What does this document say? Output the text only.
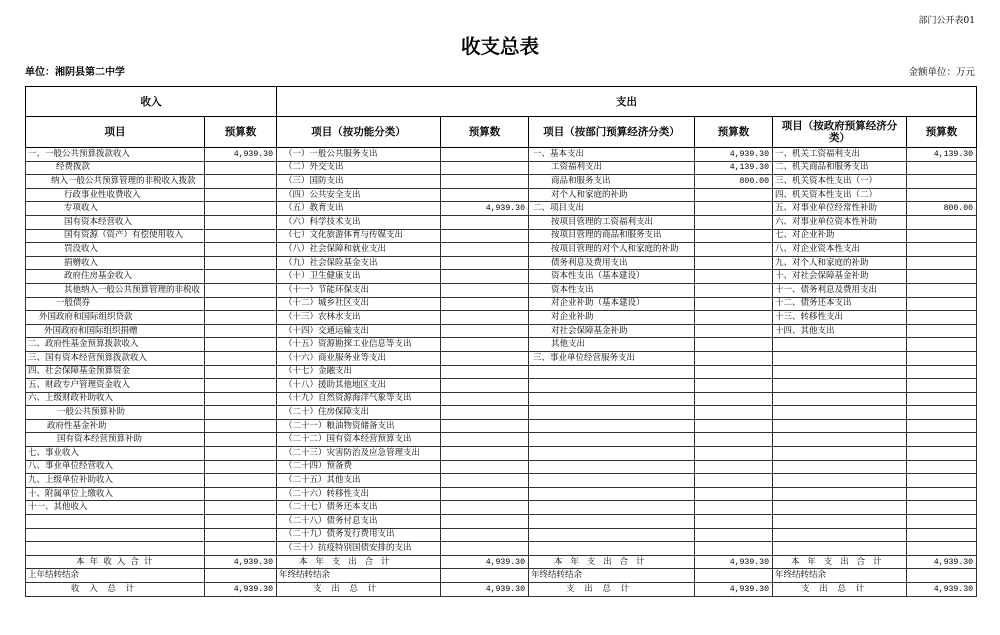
部门公开表01
收支总表
单位：湘阴县第二中学	金额单位：万元
收入		支出					
项目	预算数	项目（按功能分类）	预算数	项目（按部门预算经济分类）	预算数	项目（按政府预算经济分类）	预算数
一、一般公共预算拨款收入	4,939.30	（一）一般公共服务支出		一、基本支出	4,939.30	一、机关工资福利支出	4,139.30
经费拨款		（二）外交支出		工资福利支出	4,139.30	二、机关商品和服务支出	
纳入一般公共预算管理的非税收入拨款		（三）国防支出		商品和服务支出	800.00	三、机关资本性支出（一）	
行政事业性收费收入		（四）公共安全支出		对个人和家庭的补助		四、机关资本性支出（二）	
专项收入		（五）教育支出	4,939.30	二、项目支出		五、对事业单位经常性补助	800.00
国有资本经营收入		（六）科学技术支出		按项目管理的工资福利支出		六、对事业单位资本性补助	
国有资源（资产）有偿使用收入		（七）文化旅游体育与传媒支出		按项目管理的商品和服务支出		七、对企业补助	
罚没收入		（八）社会保障和就业支出		按项目管理的对个人和家庭的补助		八、对企业资本性支出	
捐赠收入		（九）社会保险基金支出		债务利息及费用支出		九、对个人和家庭的补助	
政府住房基金收入		（十）卫生健康支出		资本性支出（基本建设）		十、对社会保障基金补助	
其他纳入一般公共预算管理的非税收		（十一）节能环保支出		资本性支出		十一、债务利息及费用支出	
一般债券		（十二）城乡社区支出		对企业补助（基本建设）		十二、债务还本支出	
外国政府和国际组织贷款		（十三）农林水支出		对企业补助		十三、转移性支出	
外国政府和国际组织捐赠		（十四）交通运输支出		对社会保障基金补助		十四、其他支出	
二、政府性基金预算拨款收入		（十五）资源勘探工业信息等支出		其他支出			
三、国有资本经营预算拨款收入		（十六）商业服务业等支出		三、事业单位经营服务支出			
四、社会保障基金预算资金		（十七）金融支出					
五、财政专户管理资金收入		（十八）援助其他地区支出					
六、上级财政补助收入		（十九）自然资源海洋气象等支出					
一般公共预算补助		（二十）住房保障支出					
政府性基金补助		（二十一）粮油物资储备支出					
国有资本经营预算补助		（二十二）国有资本经营预算支出					
七、事业收入		（二十三）灾害防治及应急管理支出					
八、事业单位经营收入		（二十四）预备费					
九、上级单位补助收入		（二十五）其他支出					
十、附属单位上缴收入		（二十六）转移性支出					
十一、其他收入		（二十七）债务还本支出					
		（二十八）债务付息支出					
		（二十九）债务发行费用支出					
		（三十）抗疫特别国债安排的支出					
本 年 收 入 合 计	4,939.30	本 年 支 出 合 计	4,939.30	本 年 支 出 合 计	4,939.30	本 年 支 出 合 计	4,939.30
上年结转结余		年终结转结余		年终结转结余		年终结转结余	
收 入 总 计	4,939.30	支 出 总 计	4,939.30	支 出 总 计	4,939.30	支 出 总 计	4,939.30
